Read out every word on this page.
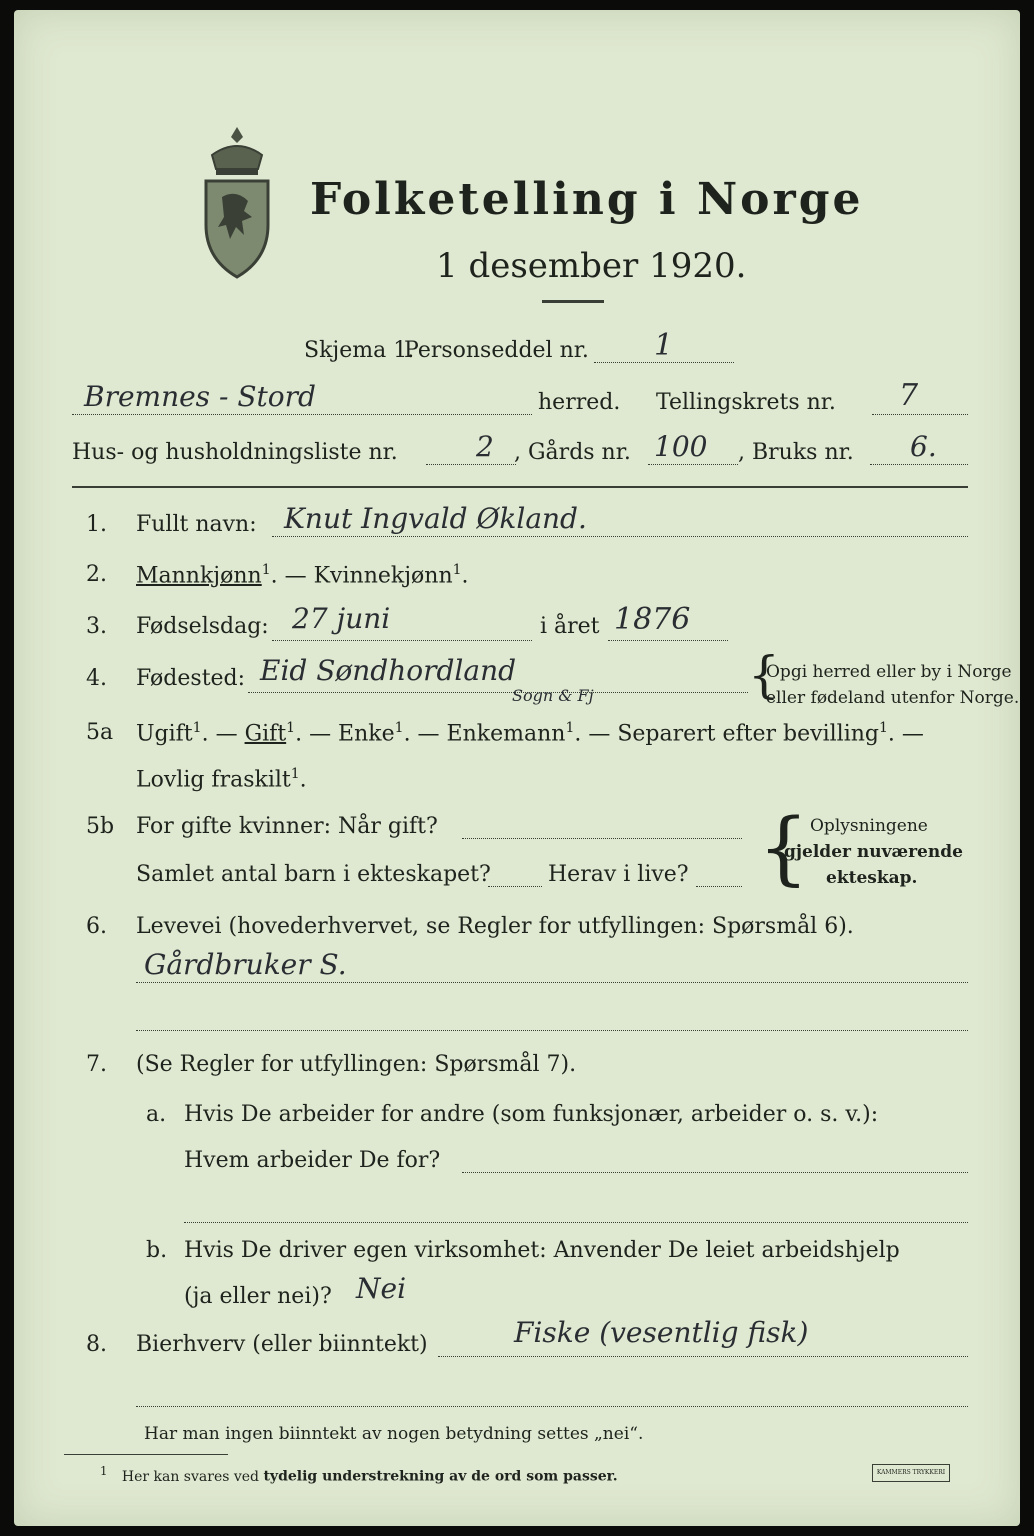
Folketelling i Norge
1 desember 1920.
Skjema 1.
Personseddel nr. 1
Bremnes - Stord	herred. Tellingskrets nr. 7
Hus- og husholdningsliste nr.	2 , Gårds nr. 100 , Bruks nr. 6.
1. Fullt navn: Knut Ingvald Økland.
2. Mannkjønn$^1$. — Kvinnekjønn$^1$.
3. Fødselsdag: 27 juni	i året 1876
4. Fødested: Eid Søndhordland
Sogn & Fj	{
Opgi herred eller by i Norge
eller fødeland utenfor Norge.
5a Ugift$^1$. — Gift$^1$. — Enke$^1$. — Enkemann$^1$. — Separert efter bevilling$^1$. —
Lovlig fraskilt$^1$.
5b For gifte kvinner: Når gift?
Samlet antal barn i ekteskapet?	Herav i live? { Oplysningene
gjelder nuværende
ekteskap.
6. Levevei (hovederhvervet, se Regler for utfyllingen: Spørsmål 6).
Gårdbruker S.
7. (Se Regler for utfyllingen: Spørsmål 7).
a. Hvis De arbeider for andre (som funksjonær, arbeider o. s. v.):
Hvem arbeider De for?
b. Hvis De driver egen virksomhet: Anvender De leiet arbeidshjelp
(ja eller nei)? Nei
8. Bierhverv (eller biinntekt)	Fiske (vesentlig fisk)
Har man ingen biinntekt av nogen betydning settes „nei“.
$^1$ Her kan svares ved tydelig understrekning av de ord som passer.	KAMMERS TRYKKERI
